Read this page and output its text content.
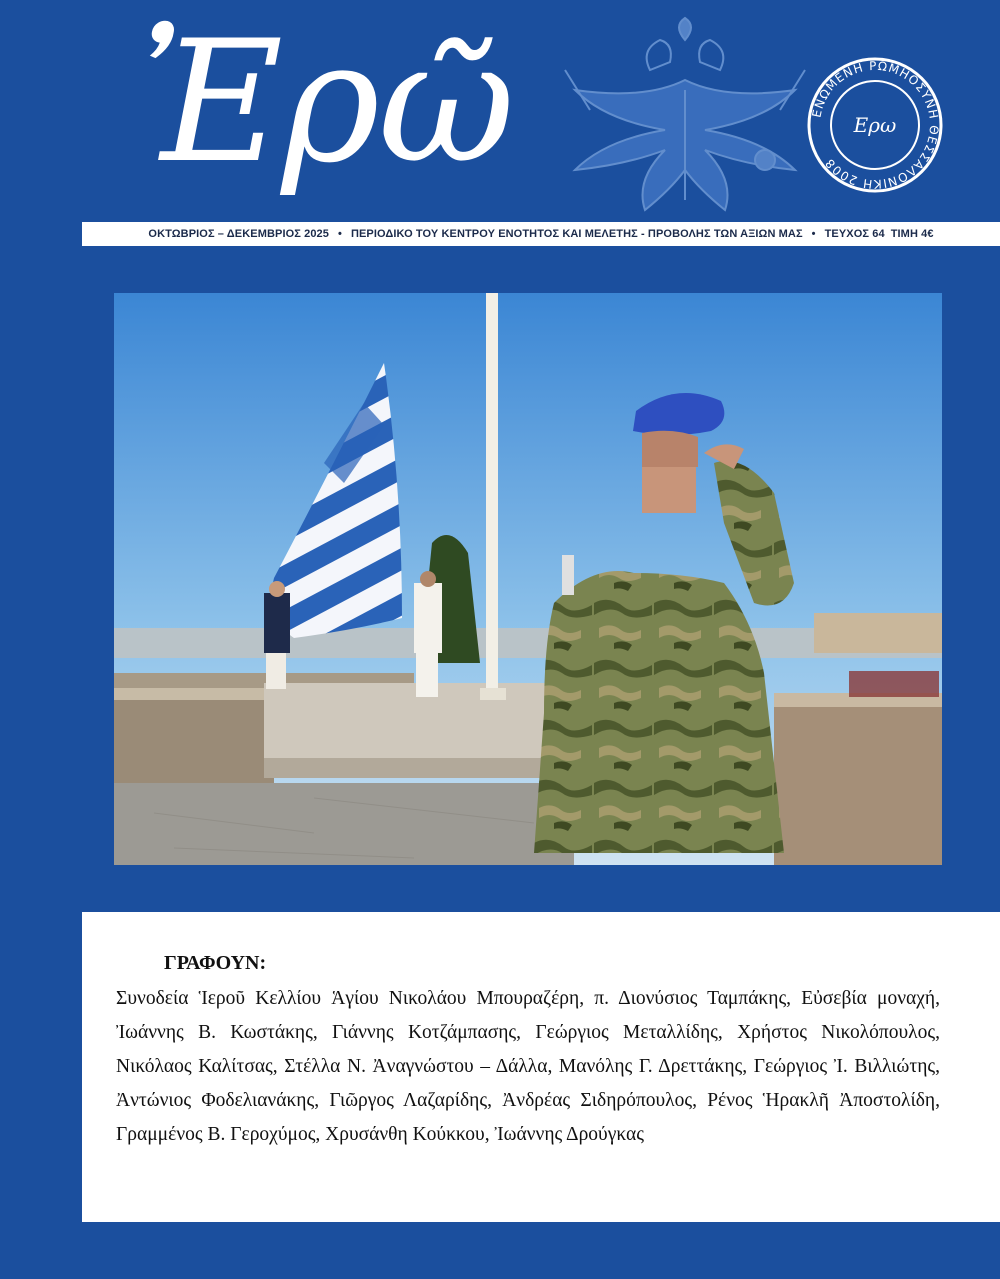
Ἐρῶ	ΕΝΩΜΕΝΗ ΡΩΜΗΟΣΥΝΗ ΘΕΣΣΑΛΟΝΙΚΗ 2008
Ερω
ΟΚΤΩΒΡΙΟΣ – ΔΕΚΕΜΒΡΙΟΣ 2025 • ΠΕΡΙΟΔΙΚΟ ΤΟΥ ΚΕΝΤΡΟΥ ΕΝΟΤΗΤΟΣ ΚΑΙ ΜΕΛΕΤΗΣ - ΠΡΟΒΟΛΗΣ ΤΩΝ ΑΞΙΩΝ ΜΑΣ • ΤΕΥΧΟΣ 64 ΤΙΜΗ 4€
ΓΡΑΦΟΥΝ:

Συνοδεία Ἱεροῦ Κελλίου Ἁγίου Νικολάου Μπουραζέρη, π. Διονύσιος Ταμπάκης, Εὐσεβία μοναχή, Ἰωάννης Β. Κωστάκης, Γιάννης Κοτζάμπασης, Γεώργιος Μεταλλίδης, Χρήστος Νικολόπουλος, Νικόλαος Καλίτσας, Στέλλα Ν. Ἀναγνώστου – Δάλλα, Μανόλης Γ. Δρεττάκης, Γεώργιος Ἰ. Βιλλιώτης, Ἀντώνιος Φοδελιανάκης, Γιῶργος Λαζαρίδης, Ἀνδρέας Σιδηρόπουλος, Ρένος Ἡρακλῆ Ἀποστολίδη, Γραμμένος Β. Γεροχύμος, Χρυσάνθη Κούκκου, Ἰωάννης Δρούγκας
